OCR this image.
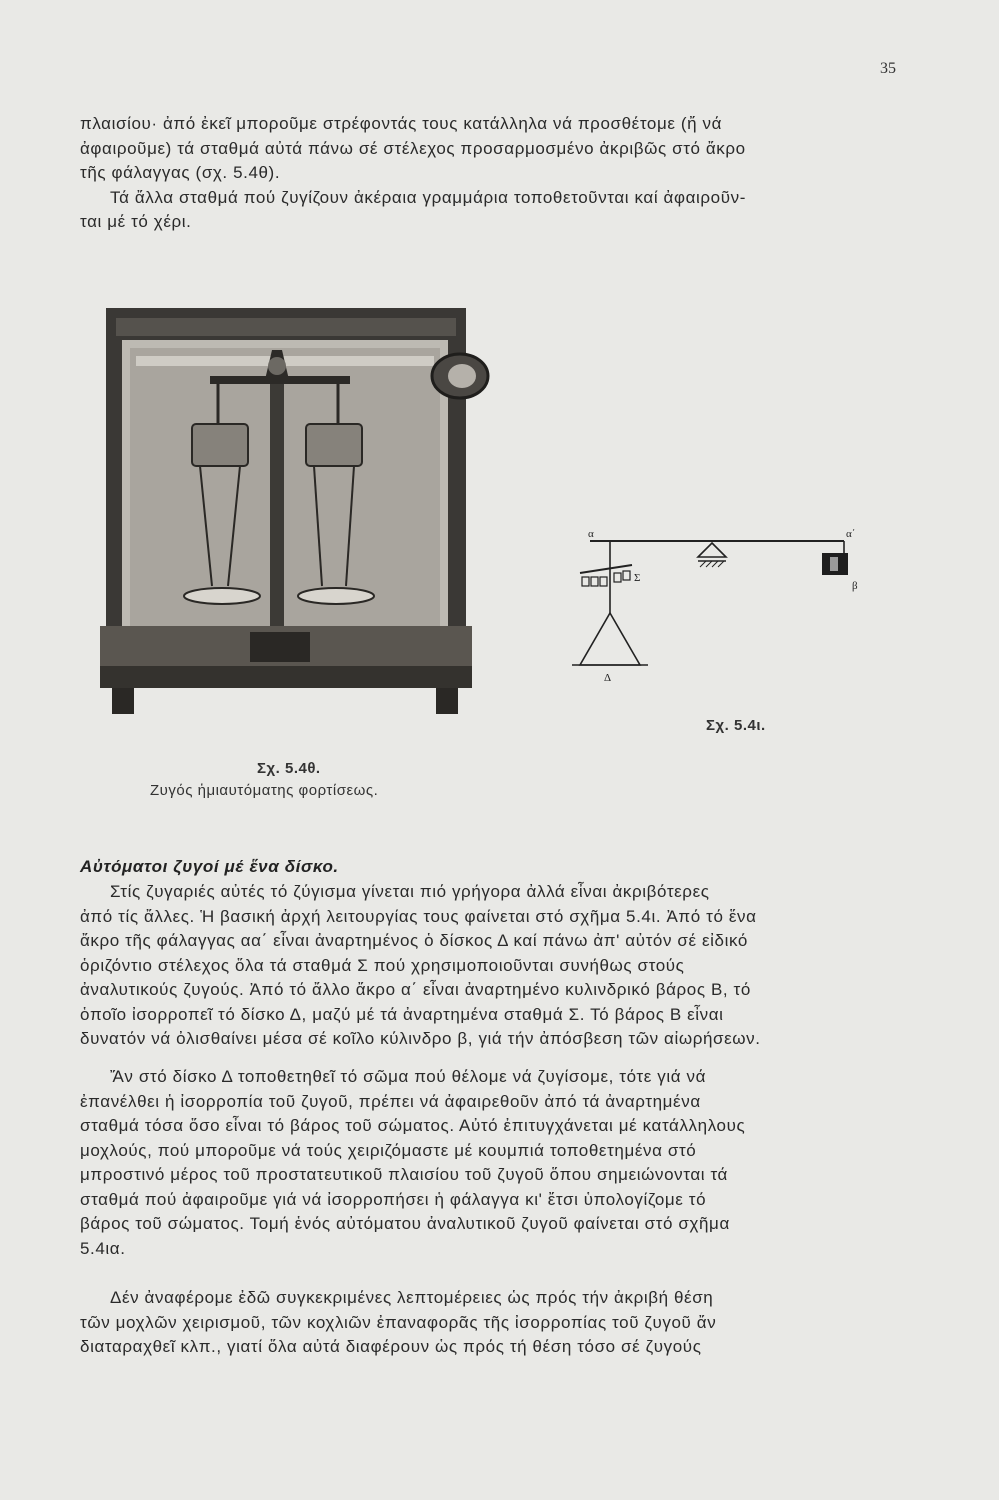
35
πλαισίου· ἀπό ἐκεῖ μποροῦμε στρέφοντάς τους κατάλληλα νά προσθέτομε (ἤ νά
ἀφαιροῦμε) τά σταθμά αὐτά πάνω σέ στέλεχος προσαρμοσμένο ἀκριβῶς στό ἄκρο
τῆς φάλαγγας (σχ. 5.4θ).
Τά ἄλλα σταθμά πού ζυγίζουν ἀκέραια γραμμάρια τοποθετοῦνται καί ἀφαιροῦν-
ται μέ τό χέρι.
α	α΄
Σ
β
Δ
Σχ. 5.4ι.
Σχ. 5.4θ.
Ζυγός ἡμιαυτόματης φορτίσεως.
Αὐτόματοι ζυγοί μέ ἕνα δίσκο.
Στίς ζυγαριές αὐτές τό ζύγισμα γίνεται πιό γρήγορα ἀλλά εἶναι ἀκριβότερες
ἀπό τίς ἄλλες. Ἡ βασική ἀρχή λειτουργίας τους φαίνεται στό σχῆμα 5.4ι. Ἀπό τό ἕνα
ἄκρο τῆς φάλαγγας αα΄ εἶναι ἀναρτημένος ὁ δίσκος Δ καί πάνω ἀπ' αὐτόν σέ εἰδικό
ὁριζόντιο στέλεχος ὅλα τά σταθμά Σ πού χρησιμοποιοῦνται συνήθως στούς
ἀναλυτικούς ζυγούς. Ἀπό τό ἄλλο ἄκρο α΄ εἶναι ἀναρτημένο κυλινδρικό βάρος Β, τό
ὁποῖο ἰσορροπεῖ τό δίσκο Δ, μαζύ μέ τά ἀναρτημένα σταθμά Σ. Τό βάρος Β εἶναι
δυνατόν νά ὀλισθαίνει μέσα σέ κοῖλο κύλινδρο β, γιά τήν ἀπόσβεση τῶν αἰωρήσεων.
Ἄν στό δίσκο Δ τοποθετηθεῖ τό σῶμα πού θέλομε νά ζυγίσομε, τότε γιά νά
ἐπανέλθει ἡ ἰσορροπία τοῦ ζυγοῦ, πρέπει νά ἀφαιρεθοῦν ἀπό τά ἀναρτημένα
σταθμά τόσα ὅσο εἶναι τό βάρος τοῦ σώματος. Αὐτό ἐπιτυγχάνεται μέ κατάλληλους
μοχλούς, πού μποροῦμε νά τούς χειριζόμαστε μέ κουμπιά τοποθετημένα στό
μπροστινό μέρος τοῦ προστατευτικοῦ πλαισίου τοῦ ζυγοῦ ὅπου σημειώνονται τά
σταθμά πού ἀφαιροῦμε γιά νά ἰσορροπήσει ἡ φάλαγγα κι' ἔτσι ὑπολογίζομε τό
βάρος τοῦ σώματος. Τομή ἑνός αὐτόματου ἀναλυτικοῦ ζυγοῦ φαίνεται στό σχῆμα
5.4ια.
Δέν ἀναφέρομε ἐδῶ συγκεκριμένες λεπτομέρειες ὡς πρός τήν ἀκριβή θέση
τῶν μοχλῶν χειρισμοῦ, τῶν κοχλιῶν ἐπαναφορᾶς τῆς ἰσορροπίας τοῦ ζυγοῦ ἄν
διαταραχθεῖ κλπ., γιατί ὅλα αὐτά διαφέρουν ὡς πρός τή θέση τόσο σέ ζυγούς
